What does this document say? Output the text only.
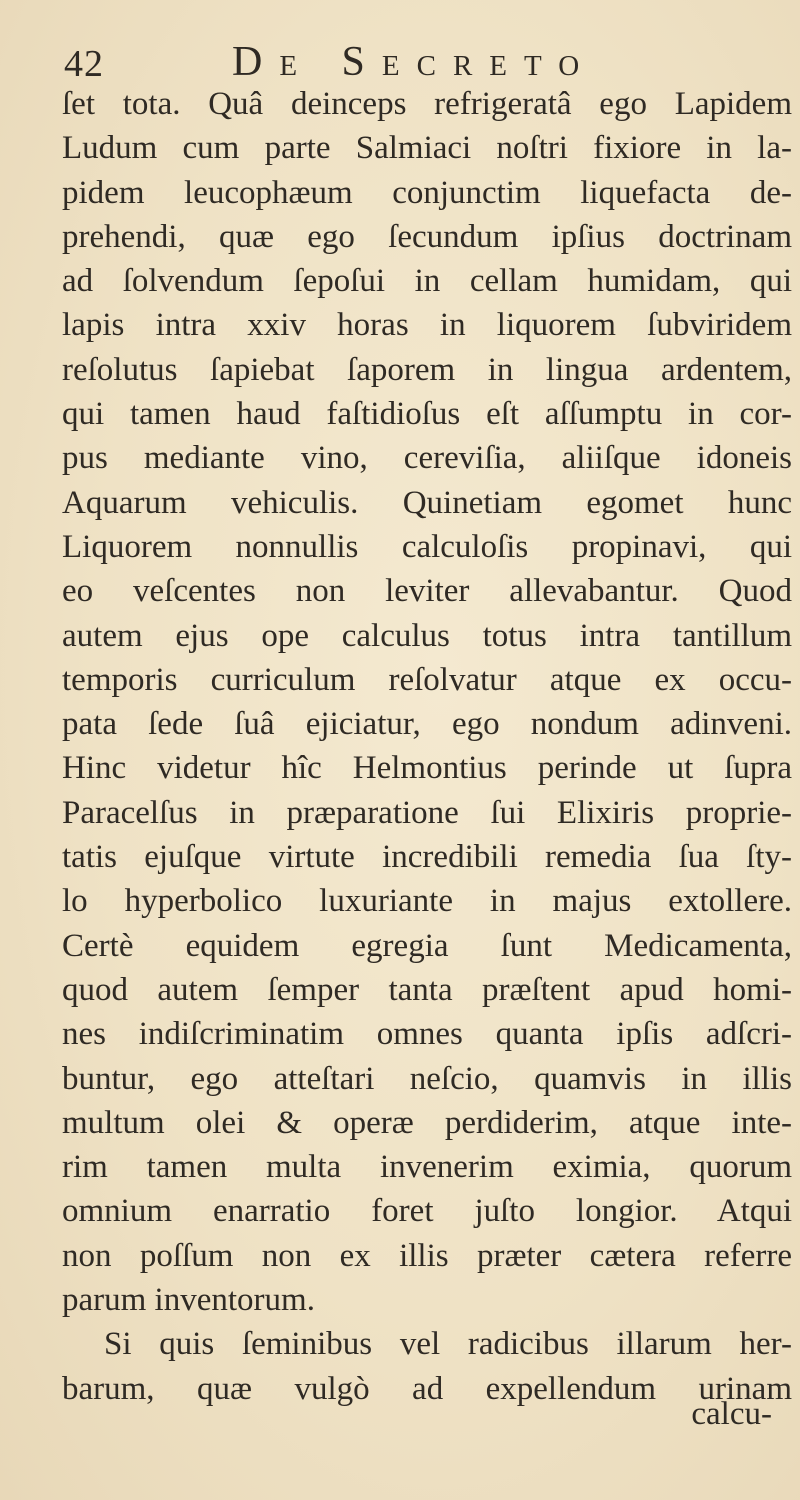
42	De Secreto
ſet tota. Quâ deinceps refrigeratâ ego Lapidem
Ludum cum parte Salmiaci noſtri fixiore in la-
pidem leucophæum conjunctim liquefacta de-
prehendi, quæ ego ſecundum ipſius doctrinam
ad ſolvendum ſepoſui in cellam humidam, qui
lapis intra xxiv horas in liquorem ſubviridem
reſolutus ſapiebat ſaporem in lingua ardentem,
qui tamen haud faſtidioſus eſt aſſumptu in cor-
pus mediante vino, cereviſia, aliiſque idoneis
Aquarum vehiculis. Quinetiam egomet hunc
Liquorem nonnullis calculoſis propinavi, qui
eo veſcentes non leviter allevabantur. Quod
autem ejus ope calculus totus intra tantillum
temporis curriculum reſolvatur atque ex occu-
pata ſede ſuâ ejiciatur, ego nondum adinveni.
Hinc videtur hîc Helmontius perinde ut ſupra
Paracelſus in præparatione ſui Elixiris proprie-
tatis ejuſque virtute incredibili remedia ſua ſty-
lo hyperbolico luxuriante in majus extollere.
Certè equidem egregia ſunt Medicamenta,
quod autem ſemper tanta præſtent apud homi-
nes indiſcriminatim omnes quanta ipſis adſcri-
buntur, ego atteſtari neſcio, quamvis in illis
multum olei & operæ perdiderim, atque inte-
rim tamen multa invenerim eximia, quorum
omnium enarratio foret juſto longior. Atqui
non poſſum non ex illis præter cætera referre
parum inventorum.
Si quis ſeminibus vel radicibus illarum her-
barum, quæ vulgò ad expellendum urinam
calcu-
